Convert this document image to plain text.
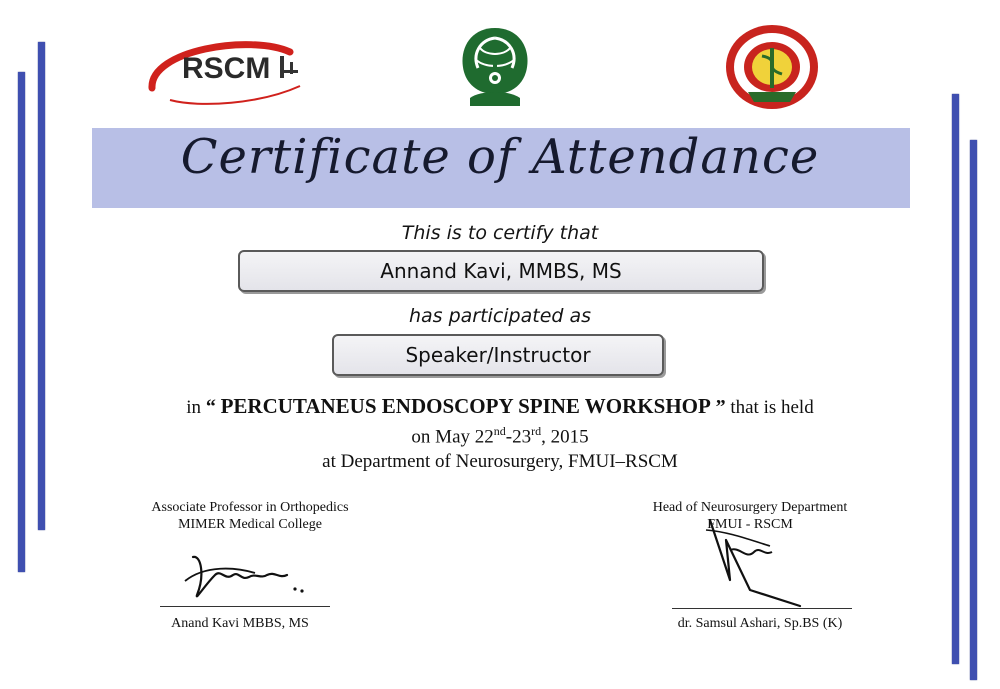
RSCM
Certificate of Attendance
This is to certify that
Annand Kavi, MMBS, MS
has participated as
Speaker/Instructor
in “ PERCUTANEUS ENDOSCOPY SPINE WORKSHOP ” that is held
on May 22nd-23rd, 2015
at Department of Neurosurgery, FMUI–RSCM
Associate Professor in Orthopedics
MIMER Medical College
Anand Kavi MBBS, MS
Head of Neurosurgery Department
FMUI - RSCM
dr. Samsul Ashari, Sp.BS (K)
